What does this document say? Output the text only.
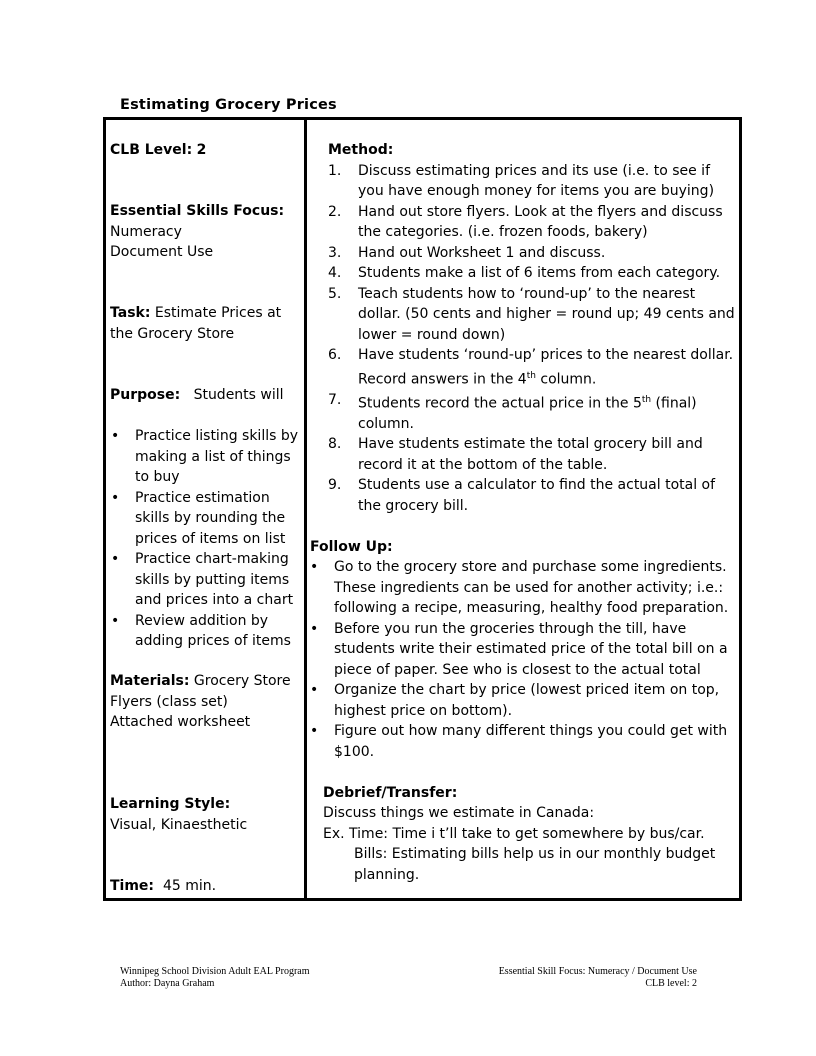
Estimating Grocery Prices
CLB Level: 2
Essential Skills Focus:
Numeracy
Document Use
Task: Estimate Prices at
the Grocery Store
Purpose: Students will
• Practice listing skills by making a list of things to buy
• Practice estimation skills by rounding the prices of items on list
• Practice chart-making skills by putting items and prices into a chart
• Review addition by adding prices of items
Materials: Grocery Store
Flyers (class set)
Attached worksheet
Learning Style:
Visual, Kinaesthetic
Time: 45 min.
Method:
1. Discuss estimating prices and its use (i.e. to see if you have enough money for items you are buying)
2. Hand out store flyers. Look at the flyers and discuss the categories. (i.e. frozen foods, bakery)
3. Hand out Worksheet 1 and discuss.
4. Students make a list of 6 items from each category.
5. Teach students how to ‘round-up’ to the nearest dollar. (50 cents and higher = round up; 49 cents and lower = round down)
6. Have students ‘round-up’ prices to the nearest dollar. Record answers in the 4th column.
7. Students record the actual price in the 5th (final) column.
8. Have students estimate the total grocery bill and record it at the bottom of the table.
9. Students use a calculator to find the actual total of the grocery bill.
Follow Up:
• Go to the grocery store and purchase some ingredients. These ingredients can be used for another activity; i.e.: following a recipe, measuring, healthy food preparation.
• Before you run the groceries through the till, have students write their estimated price of the total bill on a piece of paper. See who is closest to the actual total
• Organize the chart by price (lowest priced item on top, highest price on bottom).
• Figure out how many different things you could get with $100.
Debrief/Transfer:
Discuss things we estimate in Canada:
Ex. Time: Time i t’ll take to get somewhere by bus/car.
Bills: Estimating bills help us in our monthly budget planning.
Winnipeg School Division Adult EAL Program
Author: Dayna Graham
Essential Skill Focus: Numeracy / Document Use
CLB level: 2
